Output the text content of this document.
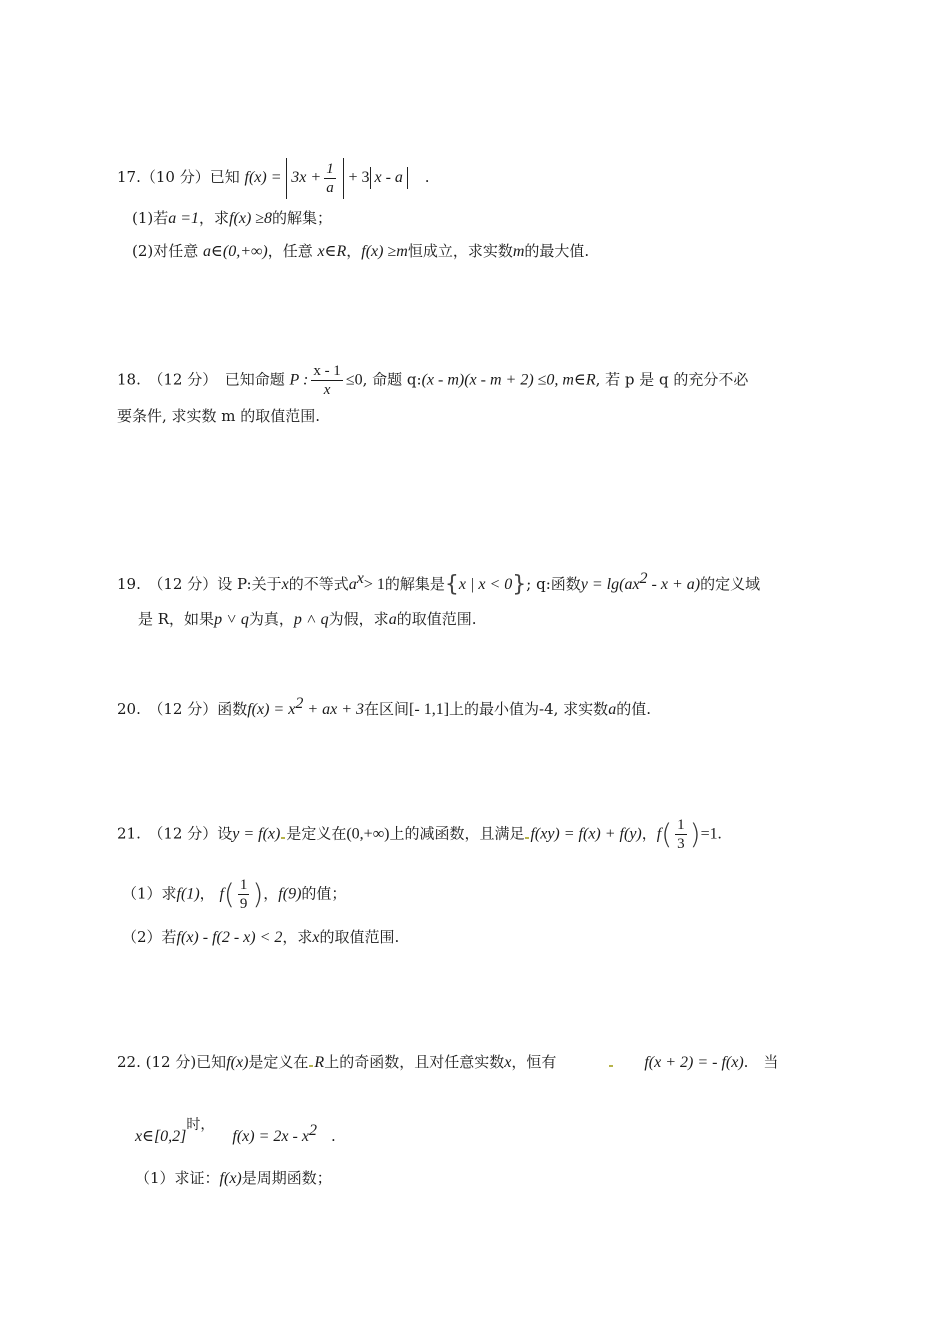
17.（10 分）已知 $f(x) = 3x + \frac{1}{a} + 3$ x - a .
(1)若a =1，求f(x) ≥8的解集；
(2)对任意 a∈(0,+∞)，任意 x∈R，f(x) ≥m恒成立，求实数m的最大值.
18.　（12 分）　已知命题 P : $\frac{x - 1}{x} \le 0$, 命题 q:(x - m)(x - m + 2) ≤0, m∈R, 若 p 是 q 的充分不必
要条件, 求实数 m 的取值范围.
19.　（12 分）设 P:关于x的不等式$a^x> 1$的解集是{x | x < 0}; q:函数$y = \lg(ax^2 - x + a)$的定义域
是 R，如果p ˅ q为真，p ˄ q为假，求a的取值范围.
20.　（12 分）函数$f(x) = x^2$ + ax + 3在区间[- 1,1]上的最小值为-4, 求实数a的值.
21.　（12 分）设y = f(x) 是定义在(0,+∞)上的减函数，且满足 f(xy) = f(x) + f(y)，$f( \frac{1}{3} )=1$.
（1）求f(1)， $f( \frac{1}{9}$ )，f(9)的值；
（2）若f(x) - f(2 - x) < 2，求x的取值范围.
22. (12 分)已知f(x)是定义在 R上的奇函数，且对任意实数x，恒有	f(x + 2) = - f(x).　当
$x\in[0,2]^{时,}f(x) = 2x - x^2$ .
（1）求证：f(x)是周期函数；
